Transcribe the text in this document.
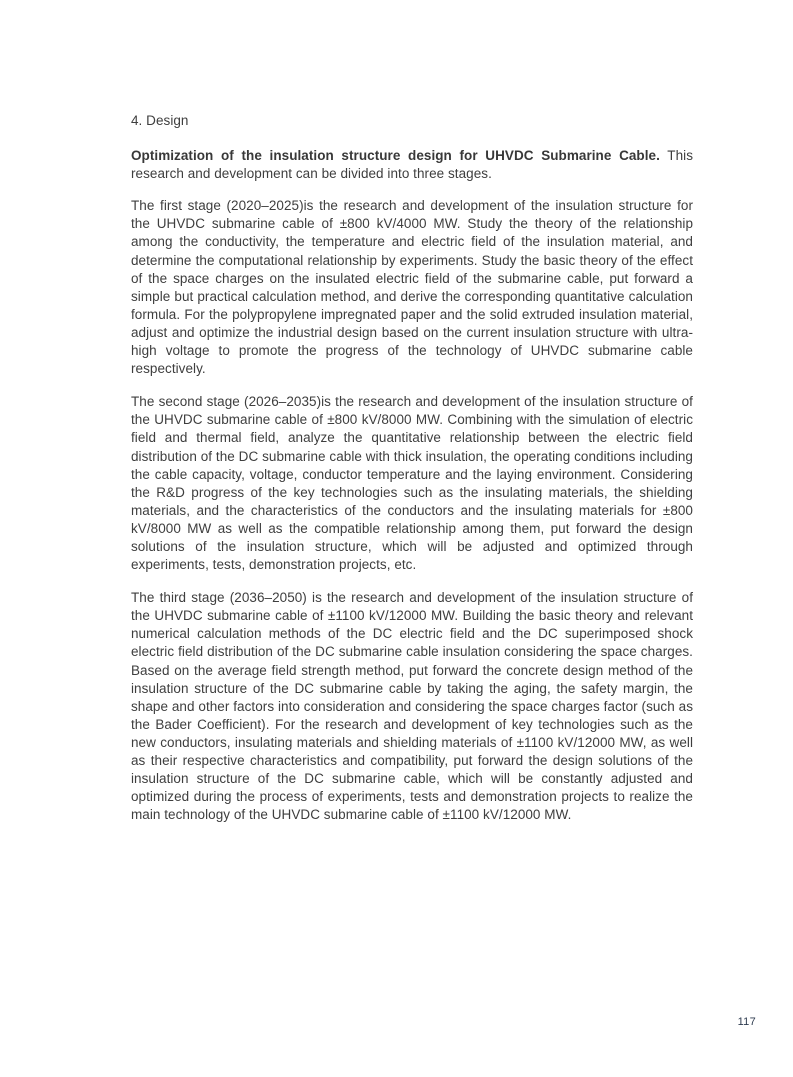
4. Design

Optimization of the insulation structure design for UHVDC Submarine Cable. This research and development can be divided into three stages.

The first stage (2020–2025)is the research and development of the insulation structure for the UHVDC submarine cable of ±800 kV/4000 MW. Study the theory of the relationship among the conductivity, the temperature and electric field of the insulation material, and determine the computational relationship by experiments. Study the basic theory of the effect of the space charges on the insulated electric field of the submarine cable, put forward a simple but practical calculation method, and derive the corresponding quantitative calculation formula. For the polypropylene impregnated paper and the solid extruded insulation material, adjust and optimize the industrial design based on the current insulation structure with ultra-high voltage to promote the progress of the technology of UHVDC submarine cable respectively.

The second stage (2026–2035)is the research and development of the insulation structure of the UHVDC submarine cable of ±800 kV/8000 MW. Combining with the simulation of electric field and thermal field, analyze the quantitative relationship between the electric field distribution of the DC submarine cable with thick insulation, the operating conditions including the cable capacity, voltage, conductor temperature and the laying environment. Considering the R&D progress of the key technologies such as the insulating materials, the shielding materials, and the characteristics of the conductors and the insulating materials for ±800 kV/8000 MW as well as the compatible relationship among them, put forward the design solutions of the insulation structure, which will be adjusted and optimized through experiments, tests, demonstration projects, etc.

The third stage (2036–2050) is the research and development of the insulation structure of the UHVDC submarine cable of ±1100 kV/12000 MW. Building the basic theory and relevant numerical calculation methods of the DC electric field and the DC superimposed shock electric field distribution of the DC submarine cable insulation considering the space charges. Based on the average field strength method, put forward the concrete design method of the insulation structure of the DC submarine cable by taking the aging, the safety margin, the shape and other factors into consideration and considering the space charges factor (such as the Bader Coefficient). For the research and development of key technologies such as the new conductors, insulating materials and shielding materials of ±1100 kV/12000 MW, as well as their respective characteristics and compatibility, put forward the design solutions of the insulation structure of the DC submarine cable, which will be constantly adjusted and optimized during the process of experiments, tests and demonstration projects to realize the main technology of the UHVDC submarine cable of ±1100 kV/12000 MW.

117
